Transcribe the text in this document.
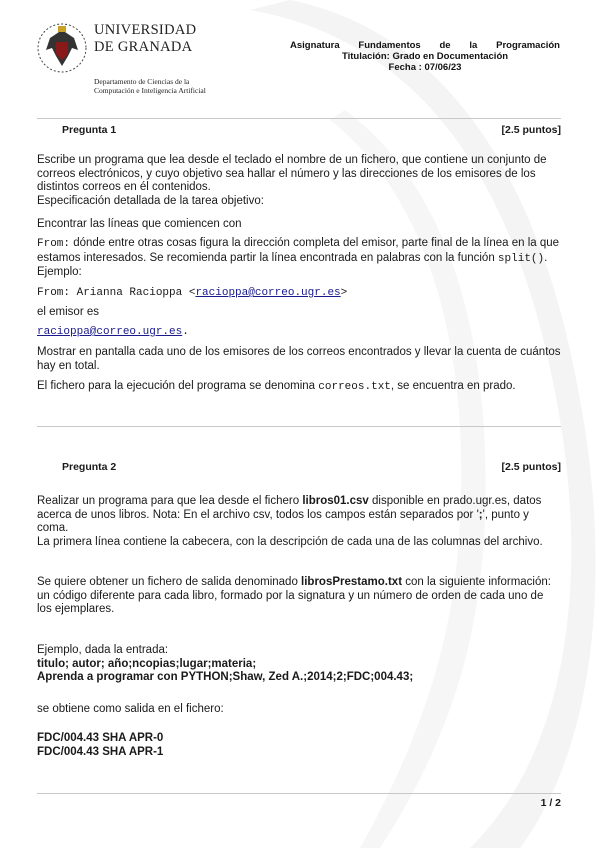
UNIVERSIDAD
DE GRANADA
Departamento de Ciencias de la
Computación e Inteligencia Artificial
Asignatura Fundamentos de la Programación
Titulación: Grado en Documentación
Fecha : 07/06/23
Pregunta 1	[2.5 puntos]
Escribe un programa que lea desde el teclado el nombre de un fichero, que contiene un conjunto de correos electrónicos, y cuyo objetivo sea hallar el número y las direcciones de los emisores de los distintos correos en él contenidos.
Especificación detallada de la tarea objetivo:
Encontrar las líneas que comiencen con
From: dónde entre otras cosas figura la dirección completa del emisor, parte final de la línea en la que estamos interesados. Se recomienda partir la línea encontrada en palabras con la función split(). Ejemplo:
From: Arianna Racioppa <racioppa@correo.ugr.es>
el emisor es
racioppa@correo.ugr.es.
Mostrar en pantalla cada uno de los emisores de los correos encontrados y llevar la cuenta de cuántos hay en total.
El fichero para la ejecución del programa se denomina correos.txt, se encuentra en prado.
Pregunta 2	[2.5 puntos]
Realizar un programa para que lea desde el fichero libros01.csv disponible en prado.ugr.es, datos acerca de unos libros. Nota: En el archivo csv, todos los campos están separados por ';', punto y coma.
La primera línea contiene la cabecera, con la descripción de cada una de las columnas del archivo.
Se quiere obtener un fichero de salida denominado librosPrestamo.txt con la siguiente información:
un código diferente para cada libro, formado por la signatura y un número de orden de cada uno de los ejemplares.
Ejemplo, dada la entrada:
titulo; autor; año;ncopias;lugar;materia;
Aprenda a programar con PYTHON;Shaw, Zed A.;2014;2;FDC;004.43;
se obtiene como salida en el fichero:
FDC/004.43 SHA APR-0
FDC/004.43 SHA APR-1
1 / 2
